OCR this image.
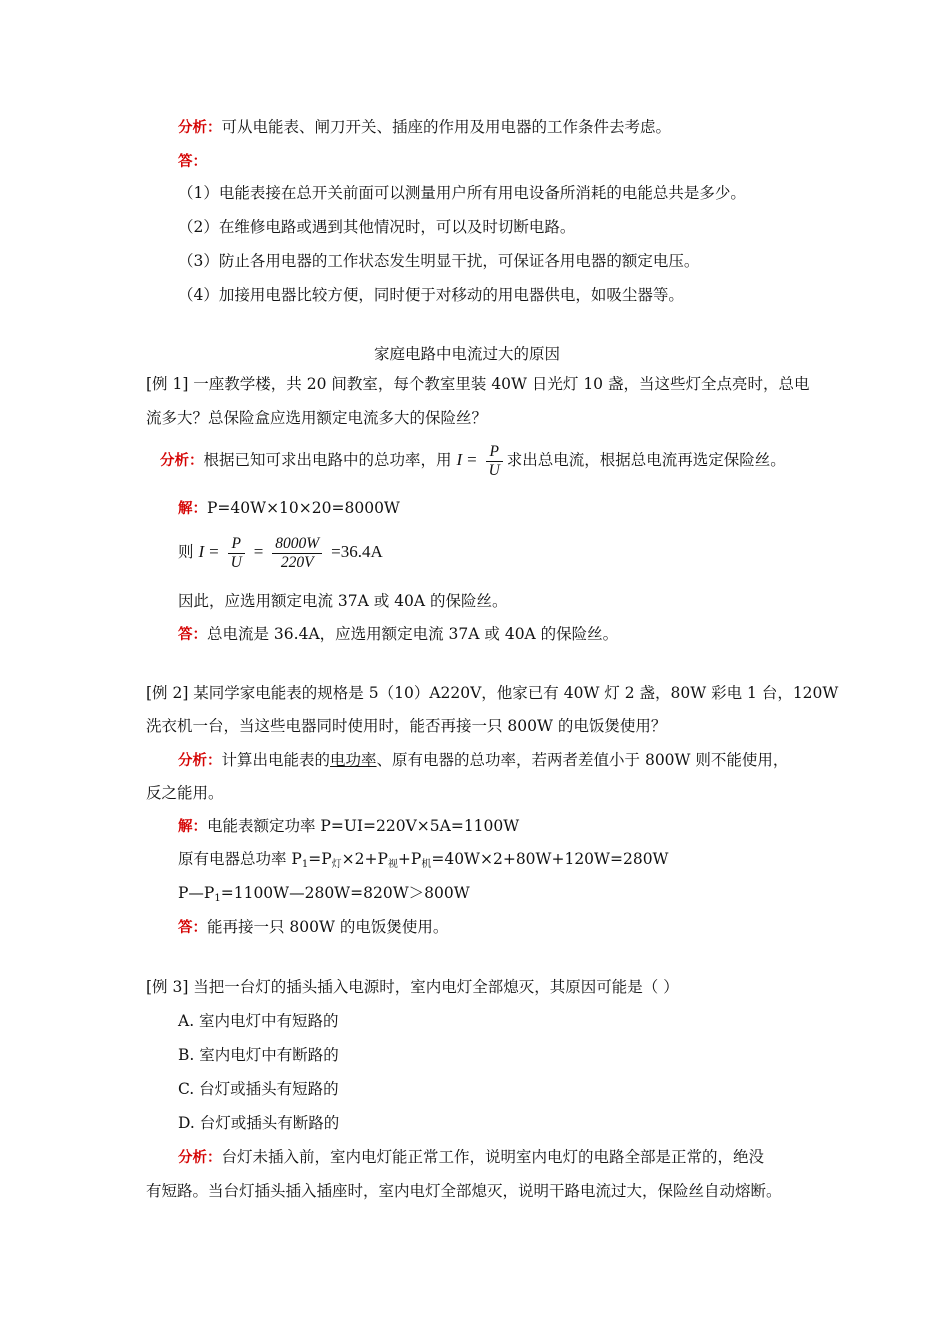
分析：可从电能表、闸刀开关、插座的作用及用电器的工作条件去考虑。
答：
（1）电能表接在总开关前面可以测量用户所有用电设备所消耗的电能总共是多少。
（2）在维修电路或遇到其他情况时，可以及时切断电路。
（3）防止各用电器的工作状态发生明显干扰，可保证各用电器的额定电压。
（4）加接用电器比较方便，同时便于对移动的用电器供电，如吸尘器等。
家庭电路中电流过大的原因
[例 1] 一座教学楼，共 20 间教室，每个教室里装 40W 日光灯 10 盏，当这些灯全点亮时，总电
流多大？总保险盒应选用额定电流多大的保险丝？
分析：根据已知可求出电路中的总功率，用 $I = \frac{P}{U}$ 求出总电流，根据总电流再选定保险丝。
解：P=40W×10×20=8000W
则 $I = \frac{P}{U} = \frac{8000W}{220V} =36.4A$
因此，应选用额定电流 37A 或 40A 的保险丝。
答：总电流是 36.4A，应选用额定电流 37A 或 40A 的保险丝。
[例 2] 某同学家电能表的规格是 5（10）A220V，他家已有 40W 灯 2 盏，80W 彩电 1 台，120W
洗衣机一台，当这些电器同时使用时，能否再接一只 800W 的电饭煲使用？
分析：计算出电能表的电功率、原有电器的总功率，若两者差值小于 800W 则不能使用，
反之能用。
解：电能表额定功率 P=UI=220V×5A=1100W
原有电器总功率 $P_1=P_灯\times 2+P_视+P_机=40W\times 2+80W+120W=280W$
$P—P_1=1100W—280W=820W>800W$
答：能再接一只 800W 的电饭煲使用。
[例 3] 当把一台灯的插头插入电源时，室内电灯全部熄灭，其原因可能是（ ）
A. 室内电灯中有短路的
B. 室内电灯中有断路的
C. 台灯或插头有短路的
D. 台灯或插头有断路的
分析：台灯未插入前，室内电灯能正常工作，说明室内电灯的电路全部是正常的，绝没
有短路。当台灯插头插入插座时，室内电灯全部熄灭，说明干路电流过大，保险丝自动熔断。
